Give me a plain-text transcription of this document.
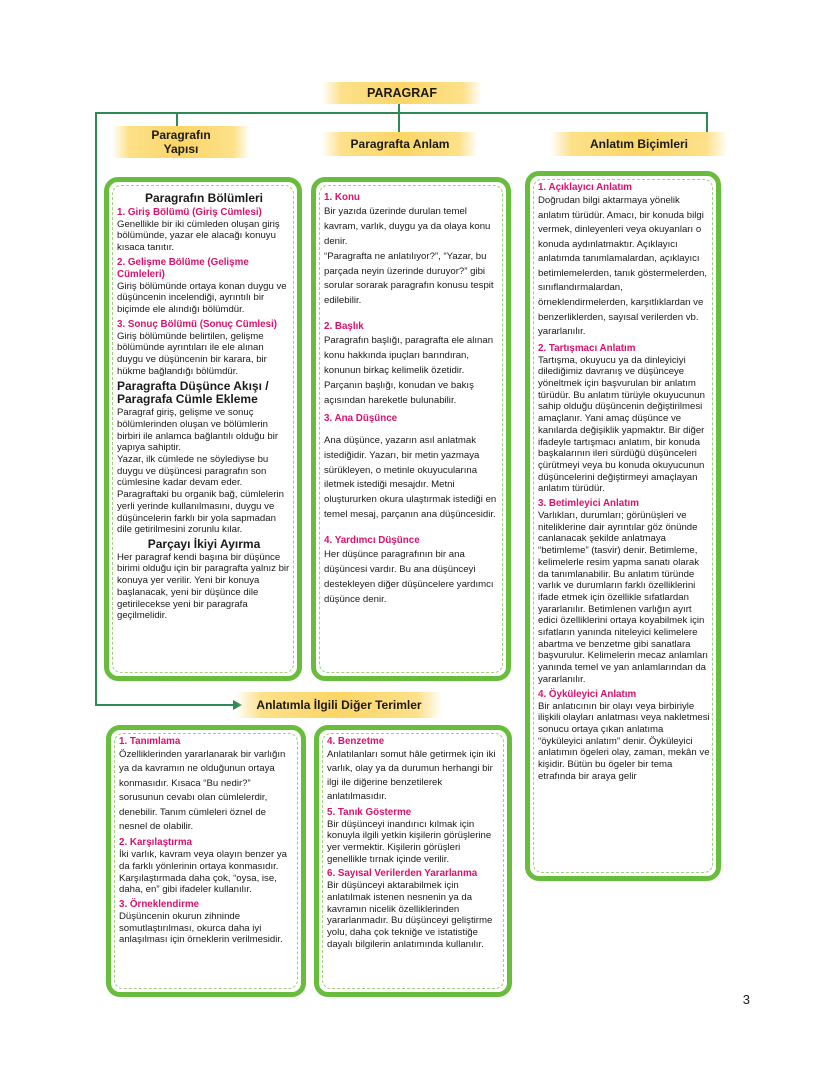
PARAGRAF
Paragrafın
Yapısı	Paragrafta Anlam	Anlatım Biçimleri
Anlatımla İlgili Diğer Terimler
Paragrafın Bölümleri
1. Giriş Bölümü (Giriş Cümlesi)
Genellikle bir iki cümleden oluşan giriş bölümünde, yazar ele alacağı konuyu kısaca tanıtır.
2. Gelişme Bölüme (Gelişme Cümleleri)
Giriş bölümünde ortaya konan duygu ve düşüncenin incelendiği, ayrıntılı bir biçimde ele alındığı bölümdür.
3. Sonuç Bölümü (Sonuç Cümlesi)
Giriş bölümünde belirtilen, gelişme bölümünde ayrıntıları ile ele alınan duygu ve düşüncenin bir karara, bir hükme bağlandığı bölümdür.
Paragrafta Düşünce Akışı / Paragrafa Cümle Ekleme
Paragraf giriş, gelişme ve sonuç bölümlerinden oluşan ve bölümlerin birbiri ile anlamca bağlantılı olduğu bir yapıya sahiptir.
Yazar, ilk cümlede ne söylediyse bu duygu ve düşüncesi paragrafın son cümlesine kadar devam eder.
Paragraftaki bu organik bağ, cümlelerin yerli yerinde kullanılmasını, duygu ve düşüncelerin farklı bir yola sapmadan dile getirilmesini zorunlu kılar.
Parçayı İkiyi Ayırma
Her paragraf kendi başına bir düşünce birimi olduğu için bir paragrafta yalnız bir konuya yer verilir. Yeni bir konuya başlanacak, yeni bir düşünce dile getirilecekse yeni bir paragrafa geçilmelidir.
1. Konu
Bir yazıda üzerinde durulan temel kavram, varlık, duygu ya da olaya konu denir.
“Paragrafta ne anlatılıyor?”, “Yazar, bu parçada neyin üzerinde duruyor?” gibi sorular sorarak paragrafın konusu tespit edilebilir.
2. Başlık
Paragrafın başlığı, paragrafta ele alınan konu hakkında ipuçları barındıran, konunun birkaç kelimelik özetidir. Parçanın başlığı, konudan ve bakış açısından hareketle bulunabilir.
3. Ana Düşünce
Ana düşünce, yazarın asıl anlatmak istediğidir. Yazarı, bir metin yazmaya sürükleyen, o metinle okuyucularına iletmek istediği mesajdır. Metni oluştururken okura ulaştırmak istediği en temel mesaj, parçanın ana düşüncesidir.
4. Yardımcı Düşünce
Her düşünce paragrafının bir ana düşüncesi vardır. Bu ana düşünceyi destekleyen diğer düşüncelere yardımcı düşünce denir.
1. Açıklayıcı Anlatım
Doğrudan bilgi aktarmaya yönelik anlatım türüdür. Amacı, bir konuda bilgi vermek, dinleyenleri veya okuyanları o konuda aydınlatmaktır. Açıklayıcı anlatımda tanımlamalardan, açıklayıcı betimlemelerden, tanık göstermelerden, sınıflandırmalardan, örneklendirmelerden, karşıtlıklardan ve benzerliklerden, sayısal verilerden vb. yararlanılır.
2. Tartışmacı Anlatım
Tartışma, okuyucu ya da dinleyiciyi dilediğimiz davranış ve düşünceye yöneltmek için başvurulan bir anlatım türüdür. Bu anlatım türüyle okuyucunun sahip olduğu düşüncenin değiştirilmesi amaçlanır. Yani amaç düşünce ve kanılarda değişiklik yapmaktır. Bir diğer ifadeyle tartışmacı anlatım, bir konuda başkalarının ileri sürdüğü düşünceleri çürütmeyi veya bu konuda okuyucunun düşüncelerini değiştirmeyi amaçlayan anlatım türüdür.
3. Betimleyici Anlatım
Varlıkları, durumları; görünüşleri ve niteliklerine dair ayrıntılar göz önünde canlanacak şekilde anlatmaya “betimleme” (tasvir) denir. Betimleme, kelimelerle resim yapma sanatı olarak da tanımlanabilir. Bu anlatım türünde varlık ve durumların farklı özelliklerini ifade etmek için özellikle sıfatlardan yararlanılır. Betimlenen varlığın ayırt edici özelliklerini ortaya koyabilmek için sıfatların yanında niteleyici kelimelere abartma ve benzetme gibi sanatlara başvurulur. Kelimelerin mecaz anlamları yanında temel ve yan anlamlarından da yararlanılır.
4. Öyküleyici Anlatım
Bir anlatıcının bir olayı veya birbiriyle ilişkili olayları anlatması veya nakletmesi sonucu ortaya çıkan anlatıma “öyküleyici anlatım” denir. Öyküleyici anlatımın ögeleri olay, zaman, mekân ve kişidir. Bütün bu ögeler bir tema etrafında bir araya gelir
1. Tanımlama
Özelliklerinden yararlanarak bir varlığın ya da kavramın ne olduğunun ortaya konmasıdır. Kısaca “Bu nedir?” sorusunun cevabı olan cümlelerdir, denebilir. Tanım cümleleri öznel de nesnel de olabilir.
2. Karşılaştırma
İki varlık, kavram veya olayın benzer ya da farklı yönlerinin ortaya konmasıdır. Karşılaştırmada daha çok, “oysa, ise, daha, en” gibi ifadeler kullanılır.
3. Örneklendirme
Düşüncenin okurun zihninde somutlaştırılması, okurca daha iyi anlaşılması için örneklerin verilmesidir.
4. Benzetme
Anlatılanları somut hâle getirmek için iki varlık, olay ya da durumun herhangi bir ilgi ile diğerine benzetilerek anlatılmasıdır.
5. Tanık Gösterme
Bir düşünceyi inandırıcı kılmak için konuyla ilgili yetkin kişilerin görüşlerine yer vermektir. Kişilerin görüşleri genellikle tırnak içinde verilir.
6. Sayısal Verilerden Yararlanma
Bir düşünceyi aktarabilmek için anlatılmak istenen nesnenin ya da kavramın nicelik özelliklerinden yararlanmadır. Bu düşünceyi geliştirme yolu, daha çok tekniğe ve istatistiğe dayalı bilgilerin anlatımında kullanılır.
3
